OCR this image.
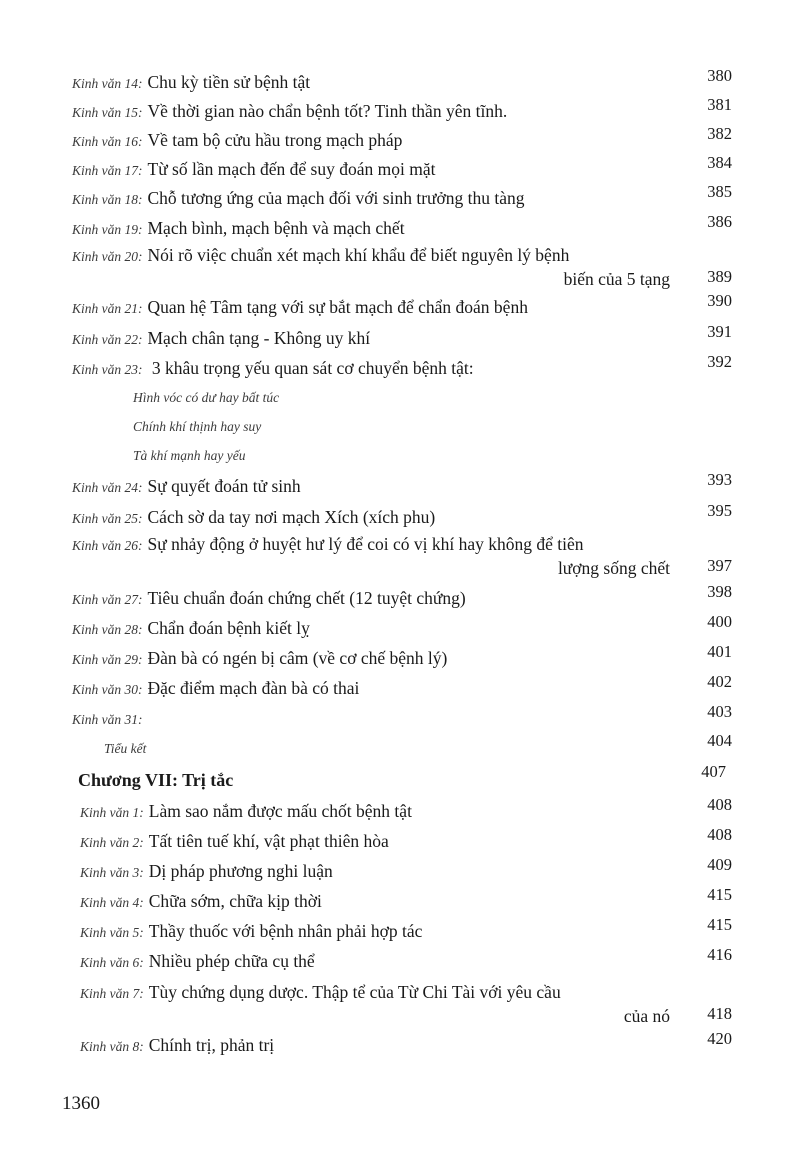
Kinh văn 14: Chu kỳ tiền sử bệnh tật	380
Kinh văn 15: Về thời gian nào chẩn bệnh tốt? Tinh thần yên tĩnh.	381
Kinh văn 16: Về tam bộ cửu hầu trong mạch pháp	382
Kinh văn 17: Từ số lần mạch đến để suy đoán mọi mặt	384
Kinh văn 18: Chỗ tương ứng của mạch đối với sinh trưởng thu tàng	385
Kinh văn 19: Mạch bình, mạch bệnh và mạch chết	386
Kinh văn 20: Nói rõ việc chuẩn xét mạch khí khẩu để biết nguyên lý bệnh
biến của 5 tạng	389
Kinh văn 21: Quan hệ Tâm tạng với sự bắt mạch để chẩn đoán bệnh	390
Kinh văn 22: Mạch chân tạng - Không uy khí	391
Kinh văn 23: 3 khâu trọng yếu quan sát cơ chuyển bệnh tật:	392
Hình vóc có dư hay bất túc
Chính khí thịnh hay suy
Tà khí mạnh hay yếu
Kinh văn 24: Sự quyết đoán tử sinh	393
Kinh văn 25: Cách sờ da tay nơi mạch Xích (xích phu)	395
Kinh văn 26: Sự nhảy động ở huyệt hư lý để coi có vị khí hay không để tiên
lượng sống chết	397
Kinh văn 27: Tiêu chuẩn đoán chứng chết (12 tuyệt chứng)	398
Kinh văn 28: Chẩn đoán bệnh kiết lỵ	400
Kinh văn 29: Đàn bà có ngén bị câm (về cơ chế bệnh lý)	401
Kinh văn 30: Đặc điểm mạch đàn bà có thai	402
Kinh văn 31:	403
Tiểu kết	404
Chương VII: Trị tắc	407
Kinh văn 1: Làm sao nắm được mấu chốt bệnh tật	408
Kinh văn 2: Tất tiên tuế khí, vật phạt thiên hòa	408
Kinh văn 3: Dị pháp phương nghi luận	409
Kinh văn 4: Chữa sớm, chữa kịp thời	415
Kinh văn 5: Thầy thuốc với bệnh nhân phải hợp tác	415
Kinh văn 6: Nhiều phép chữa cụ thể	416
Kinh văn 7: Tùy chứng dụng dược. Thập tể của Từ Chi Tài với yêu cầu
của nó	418
Kinh văn 8: Chính trị, phản trị	420
1360
